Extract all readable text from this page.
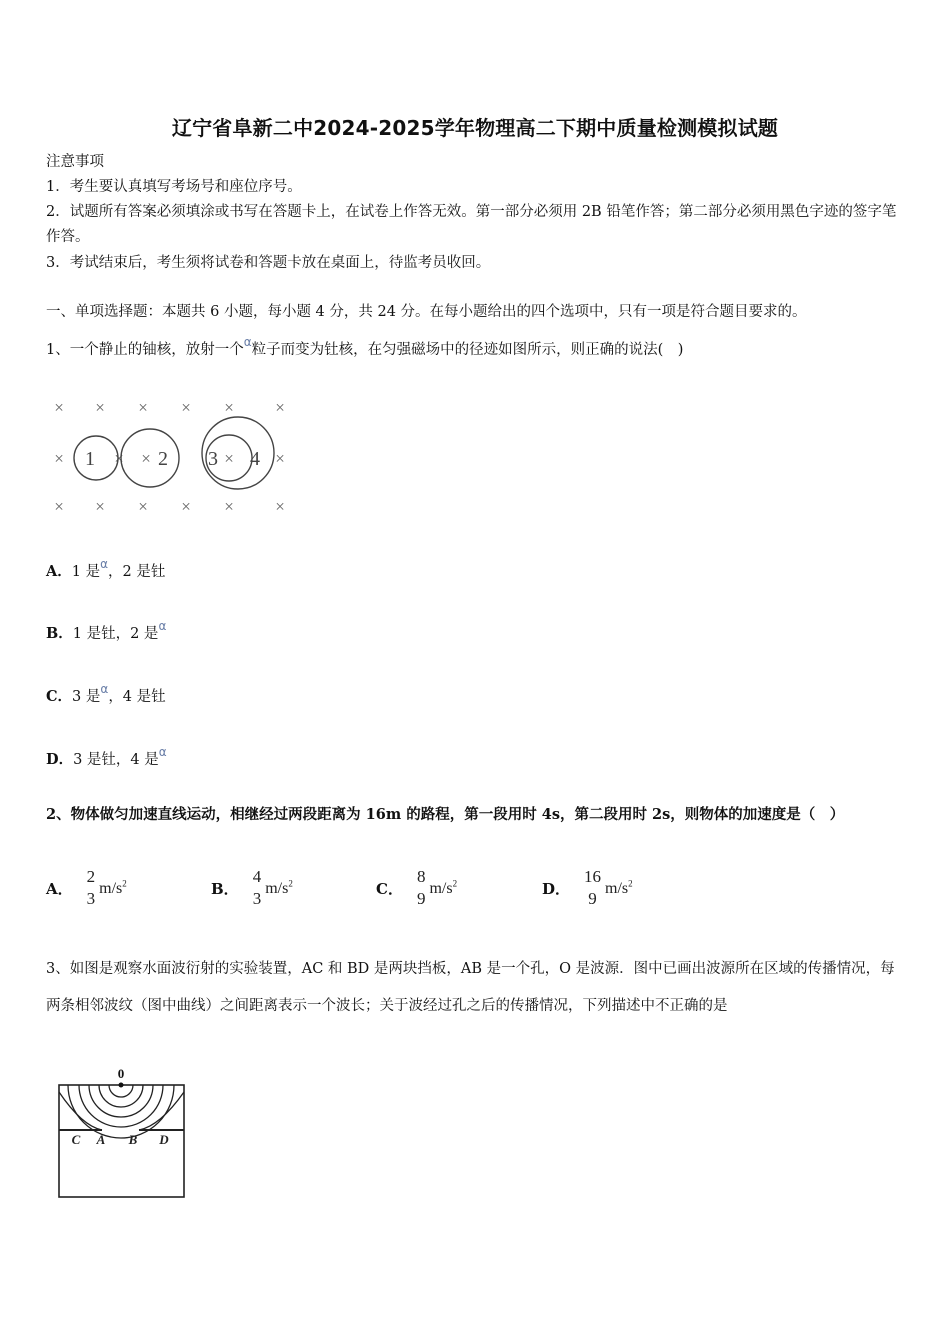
辽宁省阜新二中2024-2025学年物理高二下期中质量检测模拟试题
注意事项
1．考生要认真填写考场号和座位序号。
2．试题所有答案必须填涂或书写在答题卡上，在试卷上作答无效。第一部分必须用 2B 铅笔作答；第二部分必须用黑色字迹的签字笔作答。
3．考试结束后，考生须将试卷和答题卡放在桌面上，待监考员收回。
一、单项选择题：本题共 6 小题，每小题 4 分，共 24 分。在每小题给出的四个选项中，只有一项是符合题目要求的。
1、一个静止的铀核，放射一个$^\alpha$粒子而变为钍核，在匀强磁场中的径迹如图所示，则正确的说法(　)
× × × × × ×
×	× ×	× ×
× × × × × ×
1	2 3 4
A．1 是$^\alpha$，2 是钍
B．1 是钍，2 是$^\alpha$
C．3 是$^\alpha$，4 是钍
D．3 是钍，4 是$^\alpha$
2、物体做匀加速直线运动，相继经过两段距离为 16m 的路程，第一段用时 4s，第二段用时 2s，则物体的加速度是（　）
A．
2
3
$m/s^2$	B．
4
3
$m/s^2$	C．
8
9
$m/s^2$	D．
16
9
$m/s^2$
3、如图是观察水面波衍射的实验装置，AC 和 BD 是两块挡板，AB 是一个孔，O 是波源．图中已画出波源所在区域的传播情况，每两条相邻波纹（图中曲线）之间距离表示一个波长；关于波经过孔之后的传播情况，下列描述中不正确的是
0
C A B D
